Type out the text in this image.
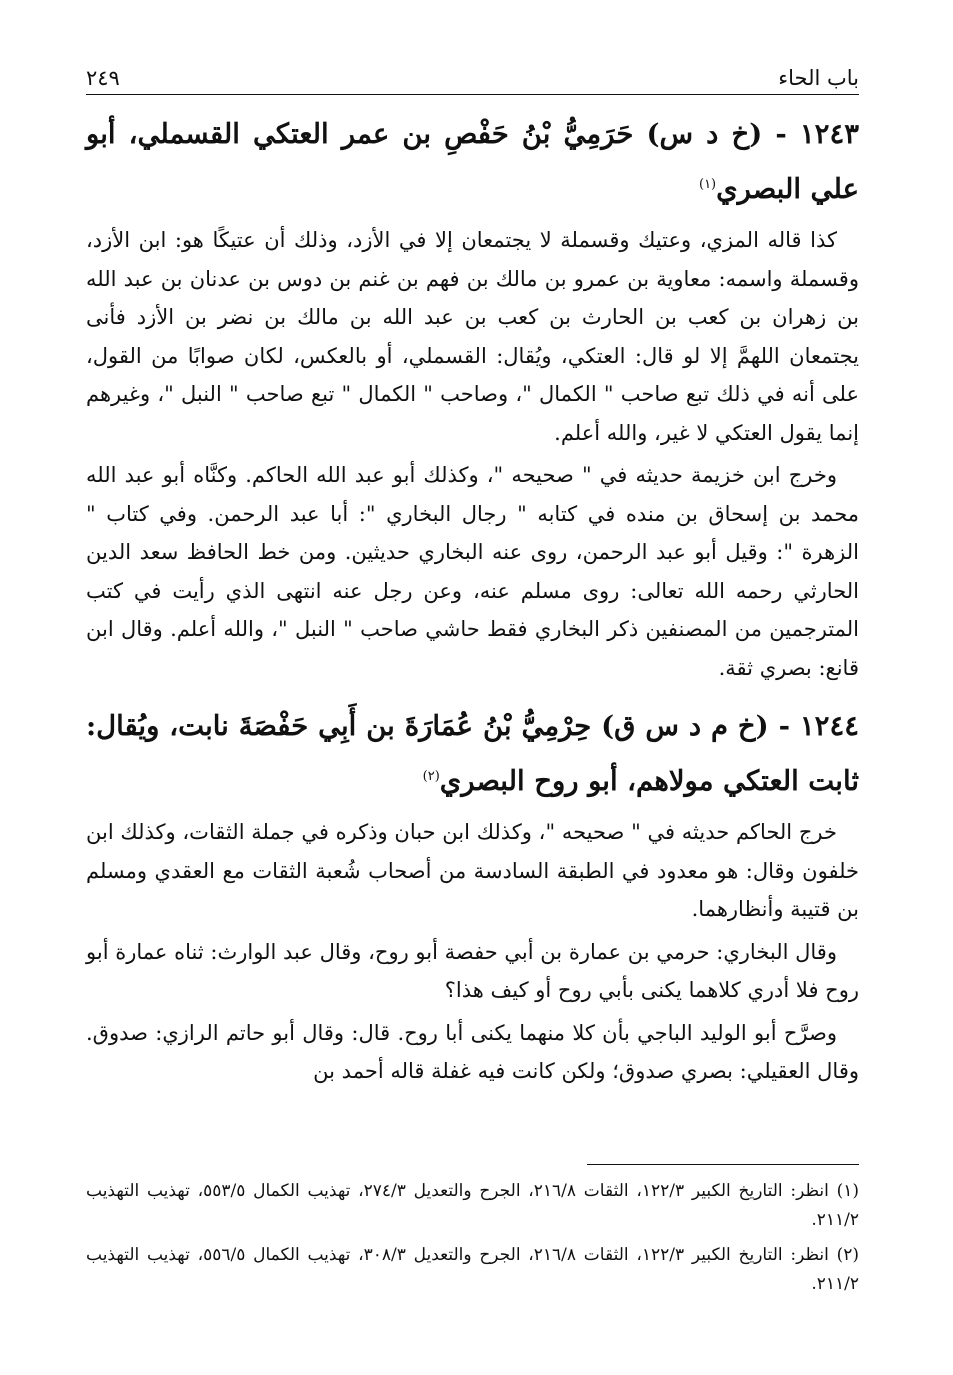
باب الحاء
٢٤٩
١٢٤٣ - (خ د س) حَرَمِيُّ بْنُ حَفْصِ بن عمر العتكي القسملي، أبو علي البصري$^{(١)}$

كذا قاله المزي، وعتيك وقسملة لا يجتمعان إلا في الأزد، وذلك أن عتيكًا هو: ابن الأزد، وقسملة واسمه: معاوية بن عمرو بن مالك بن فهم بن غنم بن دوس بن عدنان بن عبد الله بن زهران بن كعب بن الحارث بن كعب بن عبد الله بن مالك بن نضر بن الأزد فأنى يجتمعان اللهمَّ إلا لو قال: العتكي، ويُقال: القسملي، أو بالعكس، لكان صوابًا من القول، على أنه في ذلك تبع صاحب " الكمال "، وصاحب " الكمال " تبع صاحب " النبل "، وغيرهم إنما يقول العتكي لا غير، والله أعلم.

وخرج ابن خزيمة حديثه في " صحيحه "، وكذلك أبو عبد الله الحاكم. وكنَّاه أبو عبد الله محمد بن إسحاق بن منده في كتابه " رجال البخاري ": أبا عبد الرحمن. وفي كتاب " الزهرة ": وقيل أبو عبد الرحمن، روى عنه البخاري حديثين. ومن خط الحافظ سعد الدين الحارثي رحمه الله تعالى: روى مسلم عنه، وعن رجل عنه انتهى الذي رأيت في كتب المترجمين من المصنفين ذكر البخاري فقط حاشي صاحب " النبل "، والله أعلم. وقال ابن قانع: بصري ثقة.

١٢٤٤ - (خ م د س ق) حِرْمِيُّ بْنُ عُمَارَةَ بن أَبِي حَفْصَةَ نابت، ويُقال: ثابت العتكي مولاهم، أبو روح البصري$^{(٢)}$

خرج الحاكم حديثه في " صحيحه "، وكذلك ابن حبان وذكره في جملة الثقات، وكذلك ابن خلفون وقال: هو معدود في الطبقة السادسة من أصحاب شُعبة الثقات مع العقدي ومسلم بن قتيبة وأنظارهما.

وقال البخاري: حرمي بن عمارة بن أبي حفصة أبو روح، وقال عبد الوارث: ثناه عمارة أبو روح فلا أدري كلاهما يكنى بأبي روح أو كيف هذا؟

وصرَّح أبو الوليد الباجي بأن كلا منهما يكنى أبا روح. قال: وقال أبو حاتم الرازي: صدوق. وقال العقيلي: بصري صدوق؛ ولكن كانت فيه غفلة قاله أحمد بن

(١) انظر: التاريخ الكبير ١٢٢/٣، الثقات ٢١٦/٨، الجرح والتعديل ٢٧٤/٣، تهذيب الكمال ٥٥٣/٥، تهذيب التهذيب ٢١١/٢.

(٢) انظر: التاريخ الكبير ١٢٢/٣، الثقات ٢١٦/٨، الجرح والتعديل ٣٠٨/٣، تهذيب الكمال ٥٥٦/٥، تهذيب التهذيب ٢١١/٢.
